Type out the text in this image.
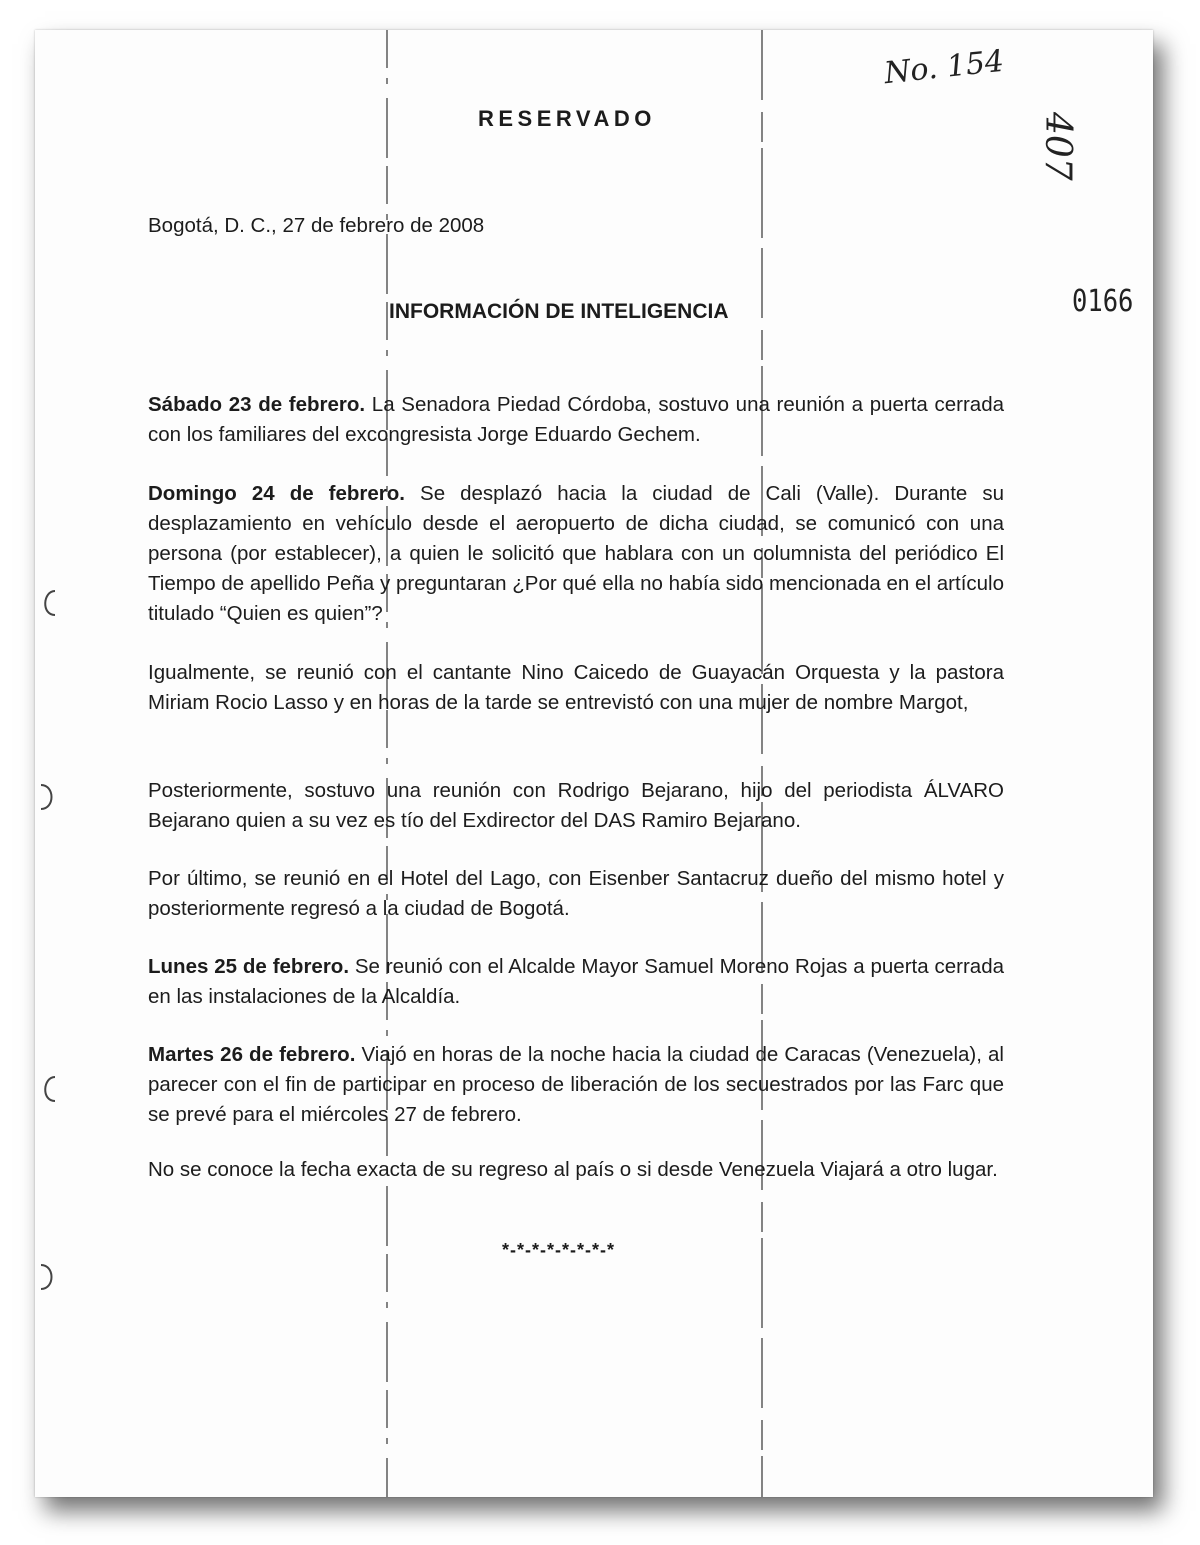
RESERVADO
No. 154
407
0166
Bogotá, D. C., 27 de febrero de 2008
INFORMACIÓN DE INTELIGENCIA

Sábado 23 de febrero. La Senadora Piedad Córdoba, sostuvo una reunión a puerta cerrada con los familiares del excongresista Jorge Eduardo Gechem.

Domingo 24 de febrero. Se desplazó hacia la ciudad de Cali (Valle). Durante su desplazamiento en vehículo desde el aeropuerto de dicha ciudad, se comunicó con una persona (por establecer), a quien le solicitó que hablara con un columnista del periódico El Tiempo de apellido Peña y preguntaran ¿Por qué ella no había sido mencionada en el artículo titulado “Quien es quien”?

Igualmente, se reunió con el cantante Nino Caicedo de Guayacán Orquesta y la pastora Miriam Rocio Lasso y en horas de la tarde se entrevistó con una mujer de nombre Margot,

Posteriormente, sostuvo una reunión con Rodrigo Bejarano, hijo del periodista ÁLVARO Bejarano quien a su vez es tío del Exdirector del DAS Ramiro Bejarano.

Por último, se reunió en el Hotel del Lago, con Eisenber Santacruz dueño del mismo hotel y posteriormente regresó a la ciudad de Bogotá.

Lunes 25 de febrero. Se reunió con el Alcalde Mayor Samuel Moreno Rojas a puerta cerrada en las instalaciones de la Alcaldía.

Martes 26 de febrero. Viajó en horas de la noche hacia la ciudad de Caracas (Venezuela), al parecer con el fin de participar en proceso de liberación de los secuestrados por las Farc que se prevé para el miércoles 27 de febrero.

No se conoce la fecha exacta de su regreso al país o si desde Venezuela Viajará a otro lugar.

*-*-*-*-*-*-*-*
